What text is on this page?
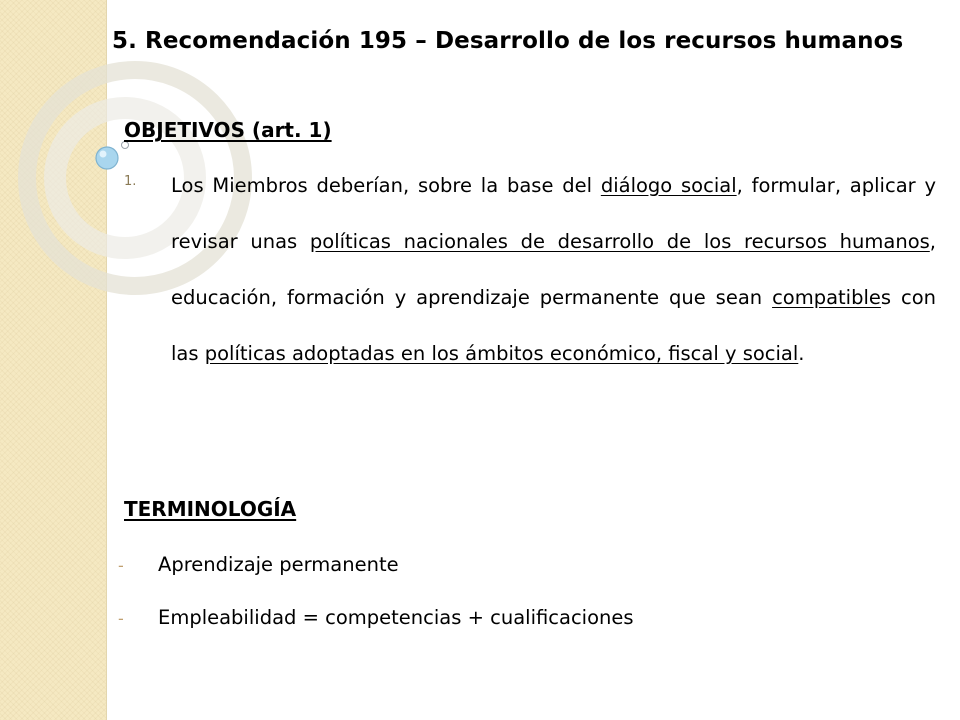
5. Recomendación 195 – Desarrollo de los recursos humanos
OBJETIVOS (art. 1)
1. Los Miembros deberían, sobre la base del diálogo social, formular, aplicar y revisar unas políticas nacionales de desarrollo de los recursos humanos, educación, formación y aprendizaje permanente que sean compatibles con las políticas adoptadas en los ámbitos económico, fiscal y social.
TERMINOLOGÍA
- Aprendizaje permanente
- Empleabilidad = competencias + cualificaciones
